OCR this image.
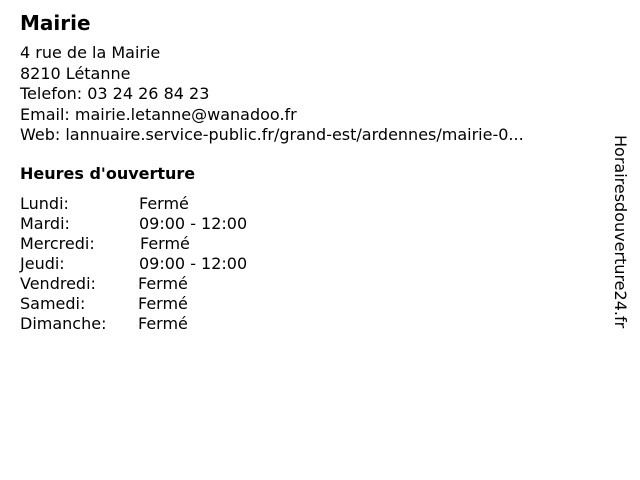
Mairie
4 rue de la Mairie
8210 Létanne
Telefon: 03 24 26 84 23
Email: mairie.letanne@wanadoo.fr
Web: lannuaire.service-public.fr/grand-est/ardennes/mairie-0...
Heures d'ouverture
Lundi:	Fermé
Mardi:	09:00 - 12:00
Mercredi:	Fermé
Jeudi:	09:00 - 12:00
Vendredi:	Fermé
Samedi:	Fermé
Dimanche: Fermé	Horairesdouverture24.fr
